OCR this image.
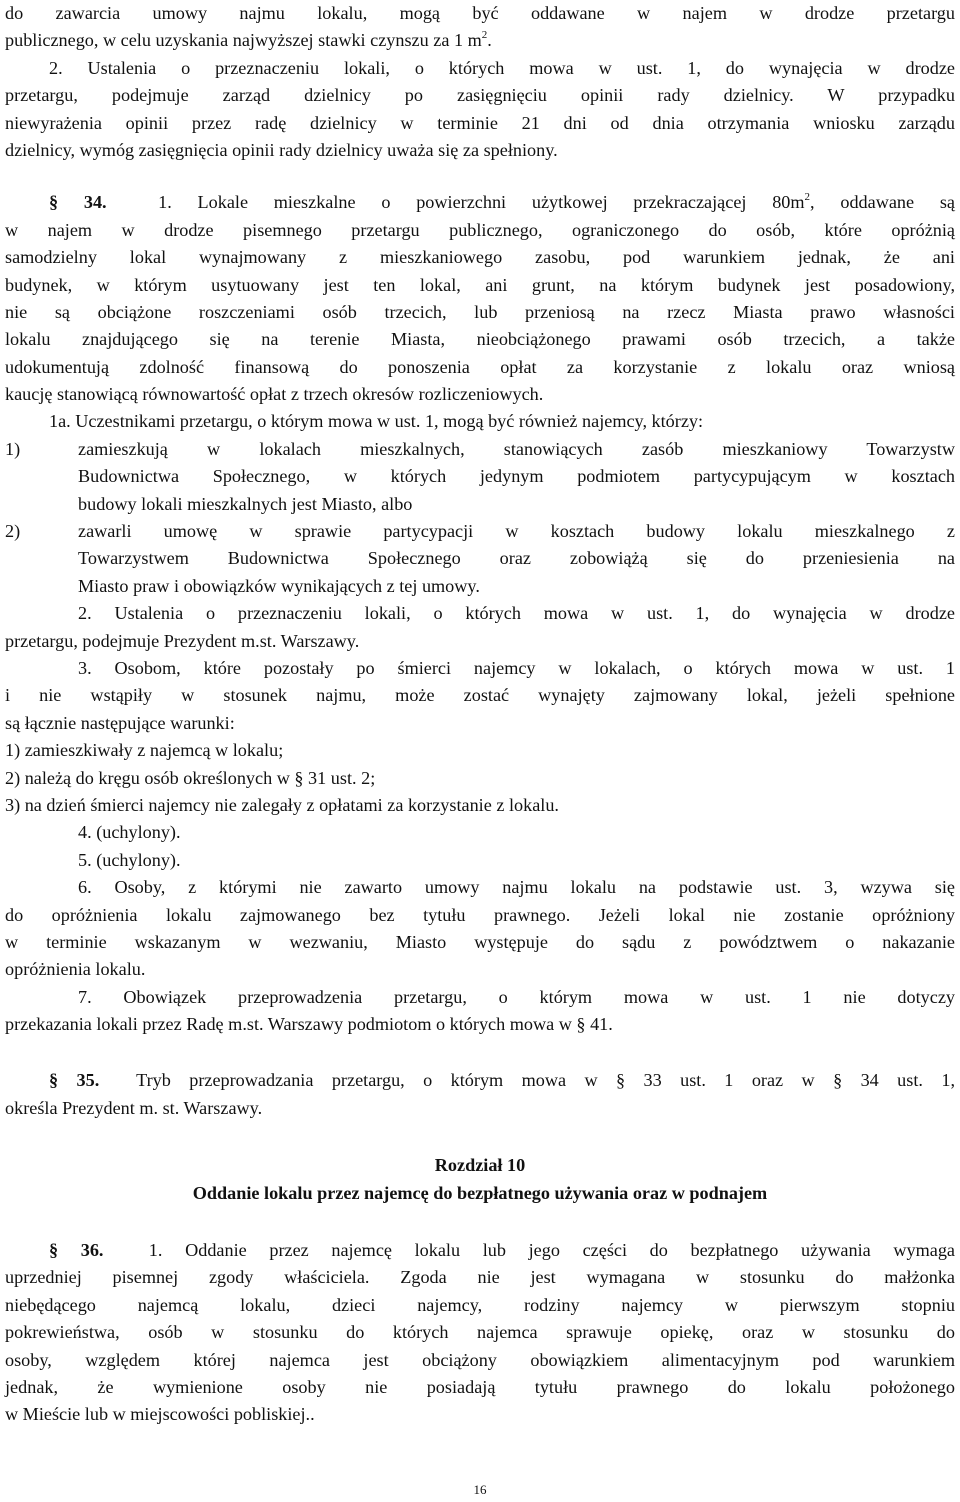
do zawarcia umowy najmu lokalu, mogą być oddawane w najem w drodze przetargu
publicznego, w celu uzyskania najwyższej stawki czynszu za 1 $m^2$.
2. Ustalenia o przeznaczeniu lokali, o których mowa w ust. 1, do wynajęcia w drodze
przetargu, podejmuje zarząd dzielnicy po zasięgnięciu opinii rady dzielnicy. W przypadku
niewyrażenia opinii przez radę dzielnicy w terminie 21 dni od dnia otrzymania wniosku zarządu
dzielnicy, wymóg zasięgnięcia opinii rady dzielnicy uważa się za spełniony.
§ 34.	1. Lokale mieszkalne o powierzchni użytkowej przekraczającej $80m^2$, oddawane są
w najem w drodze pisemnego przetargu publicznego, ograniczonego do osób, które opróżnią
samodzielny lokal wynajmowany z mieszkaniowego zasobu, pod warunkiem jednak, że ani
budynek, w którym usytuowany jest ten lokal, ani grunt, na którym budynek jest posadowiony,
nie są obciążone roszczeniami osób trzecich, lub przeniosą na rzecz Miasta prawo własności
lokalu znajdującego się na terenie Miasta, nieobciążonego prawami osób trzecich, a także
udokumentują zdolność finansową do ponoszenia opłat za korzystanie z lokalu oraz wniosą
kaucję stanowiącą równowartość opłat z trzech okresów rozliczeniowych.
1a. Uczestnikami przetargu, o którym mowa w ust. 1, mogą być również najemcy, którzy:
1)	zamieszkują w lokalach mieszkalnych, stanowiących zasób mieszkaniowy Towarzystw
Budownictwa Społecznego, w których jedynym podmiotem partycypującym w kosztach
budowy lokali mieszkalnych jest Miasto, albo
2)	zawarli umowę w sprawie partycypacji w kosztach budowy lokalu mieszkalnego z
Towarzystwem Budownictwa Społecznego oraz zobowiążą się do przeniesienia na
Miasto praw i obowiązków wynikających z tej umowy.
2. Ustalenia o przeznaczeniu lokali, o których mowa w ust. 1, do wynajęcia w drodze
przetargu, podejmuje Prezydent m.st. Warszawy.
3. Osobom, które pozostały po śmierci najemcy w lokalach, o których mowa w ust. 1
i nie wstąpiły w stosunek najmu, może zostać wynajęty zajmowany lokal, jeżeli spełnione
są łącznie następujące warunki:
1) zamieszkiwały z najemcą w lokalu;
2) należą do kręgu osób określonych w § 31 ust. 2;
3) na dzień śmierci najemcy nie zalegały z opłatami za korzystanie z lokalu.
4. (uchylony).
5. (uchylony).
6. Osoby, z którymi nie zawarto umowy najmu lokalu na podstawie ust. 3, wzywa się
do opróżnienia lokalu zajmowanego bez tytułu prawnego. Jeżeli lokal nie zostanie opróżniony
w terminie wskazanym w wezwaniu, Miasto występuje do sądu z powództwem o nakazanie
opróżnienia lokalu.
7. Obowiązek przeprowadzenia przetargu, o którym mowa w ust. 1 nie dotyczy
przekazania lokali przez Radę m.st. Warszawy podmiotom o których mowa w § 41.
§ 35. Tryb przeprowadzania przetargu, o którym mowa w § 33 ust. 1 oraz w § 34 ust. 1,
określa Prezydent m. st. Warszawy.
Rozdział 10
Oddanie lokalu przez najemcę do bezpłatnego używania oraz w podnajem
§ 36. 1. Oddanie przez najemcę lokalu lub jego części do bezpłatnego używania wymaga
uprzedniej pisemnej zgody właściciela. Zgoda nie jest wymagana w stosunku do małżonka
niebędącego najemcą lokalu, dzieci najemcy, rodziny najemcy w pierwszym stopniu
pokrewieństwa, osób w stosunku do których najemca sprawuje opiekę, oraz w stosunku do
osoby, względem której najemca jest obciążony obowiązkiem alimentacyjnym pod warunkiem
jednak, że wymienione osoby nie posiadają tytułu prawnego do lokalu położonego
w Mieście lub w miejscowości pobliskiej..
16
